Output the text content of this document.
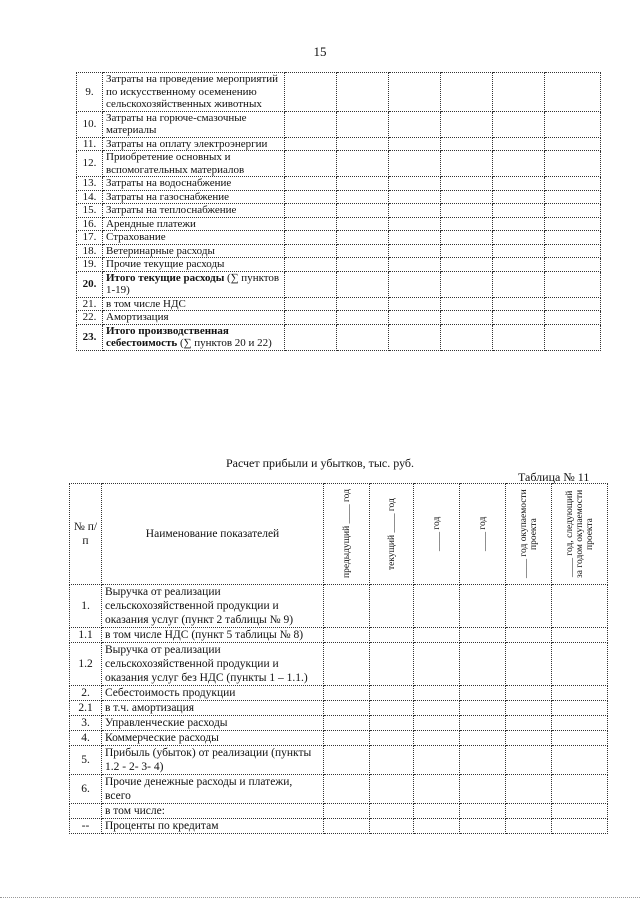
15
9.	Затраты на проведение мероприятий по искусственному осеменению сельскохозяйственных животных						
10.	Затраты на горюче-смазочные материалы						
11.	Затраты на оплату электроэнергии						
12.	Приобретение основных и вспомогательных материалов						
13.	Затраты на водоснабжение						
14.	Затраты на газоснабжение						
15.	Затраты на теплоснабжение						
16.	Арендные платежи						
17.	Страхование						
18.	Ветеринарные расходы						
19.	Прочие текущие расходы						
20.	Итого текущие расходы (∑ пунктов 1-19)						
21.	в том числе НДС						
22.	Амортизация						
23.	Итого производственная себестоимость (∑ пунктов 20 и 22)						
Расчет прибыли и убытков, тыс. руб.
Таблица № 11
№ п/п	Наименование показателей	предыдущий ____ год	текущий ____ год	____ год	____ год	____ год окупаемости проекта	____ год, следующий за годом окупаемости проекта

1.	Выручка от реализации сельскохозяйственной продукции и оказания услуг (пункт 2 таблицы № 9)						
1.1	в том числе НДС (пункт 5 таблицы № 8)						
1.2	Выручка от реализации сельскохозяйственной продукции и оказания услуг без НДС (пункты 1 – 1.1.)						
2.	Себестоимость продукции						
2.1	в т.ч. амортизация						
3.	Управленческие расходы						
4.	Коммерческие расходы						
5.	Прибыль (убыток) от реализации (пункты 1.2 - 2- 3- 4)						
6.	Прочие денежные расходы и платежи, всего						
	в том числе:						
--	Проценты по кредитам						
